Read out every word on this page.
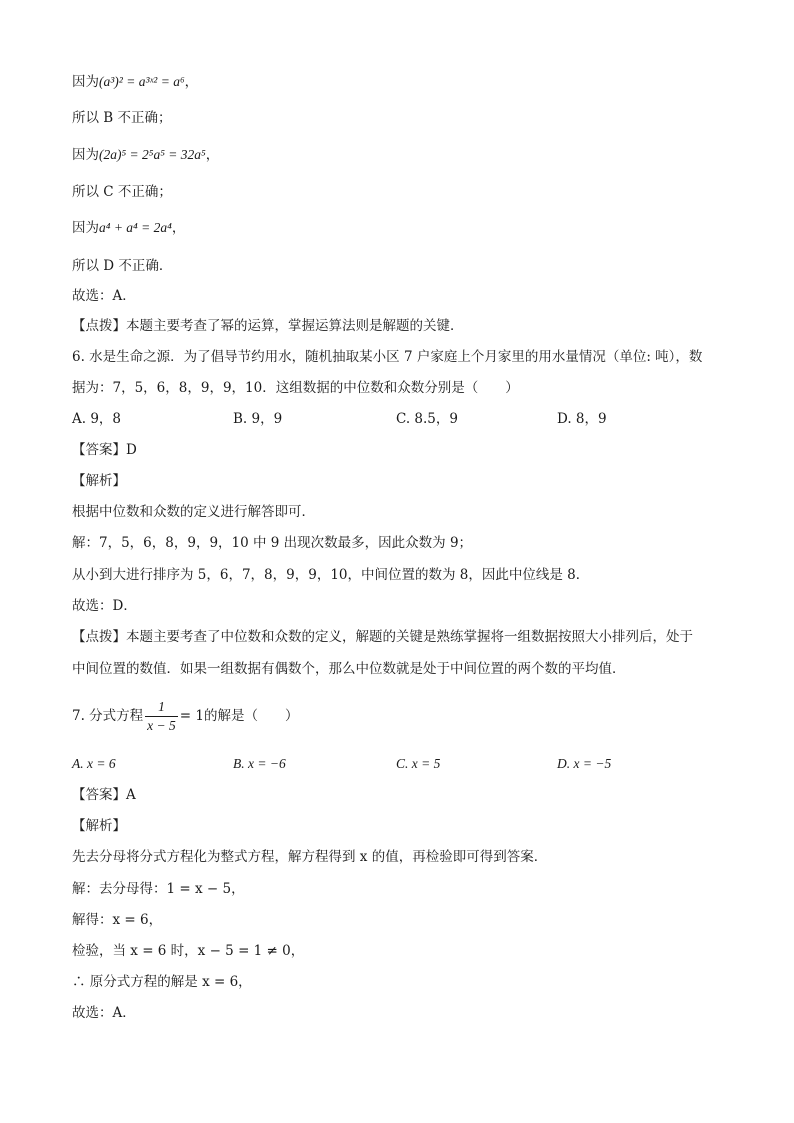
因为(a³)² = a³ˣ² = a⁶，
所以 B 不正确；
因为(2a)⁵ = 2⁵a⁵ = 32a⁵，
所以 C 不正确；
因为a⁴ + a⁴ = 2a⁴，
所以 D 不正确．
故选：A．
【点拨】本题主要考查了幂的运算，掌握运算法则是解题的关键．
6. 水是生命之源．为了倡导节约用水，随机抽取某小区 7 户家庭上个月家里的用水量情况（单位: 吨），数
据为：7，5，6，8，9，9，10．这组数据的中位数和众数分别是（　　）
A. 9，8	B. 9，9	C. 8.5，9	D. 8，9
【答案】D
【解析】
根据中位数和众数的定义进行解答即可．
解：7，5，6，8，9，9，10 中 9 出现次数最多，因此众数为 9；
从小到大进行排序为 5，6，7，8，9，9，10，中间位置的数为 8，因此中位线是 8．
故选：D．
【点拨】本题主要考查了中位数和众数的定义，解题的关键是熟练掌握将一组数据按照大小排列后，处于
中间位置的数值．如果一组数据有偶数个，那么中位数就是处于中间位置的两个数的平均值．
7. 分式方程 $\frac{1}{x - 5} = 1$的解是（　　）
A. x = 6	B. x = −6	C. x = 5	D. x = −5
【答案】A
【解析】
先去分母将分式方程化为整式方程，解方程得到 x 的值，再检验即可得到答案．
解：去分母得：1 = x − 5，
解得：x = 6，
检验，当 x = 6 时，x − 5 = 1 ≠ 0，
∴ 原分式方程的解是 x = 6，
故选：A．
